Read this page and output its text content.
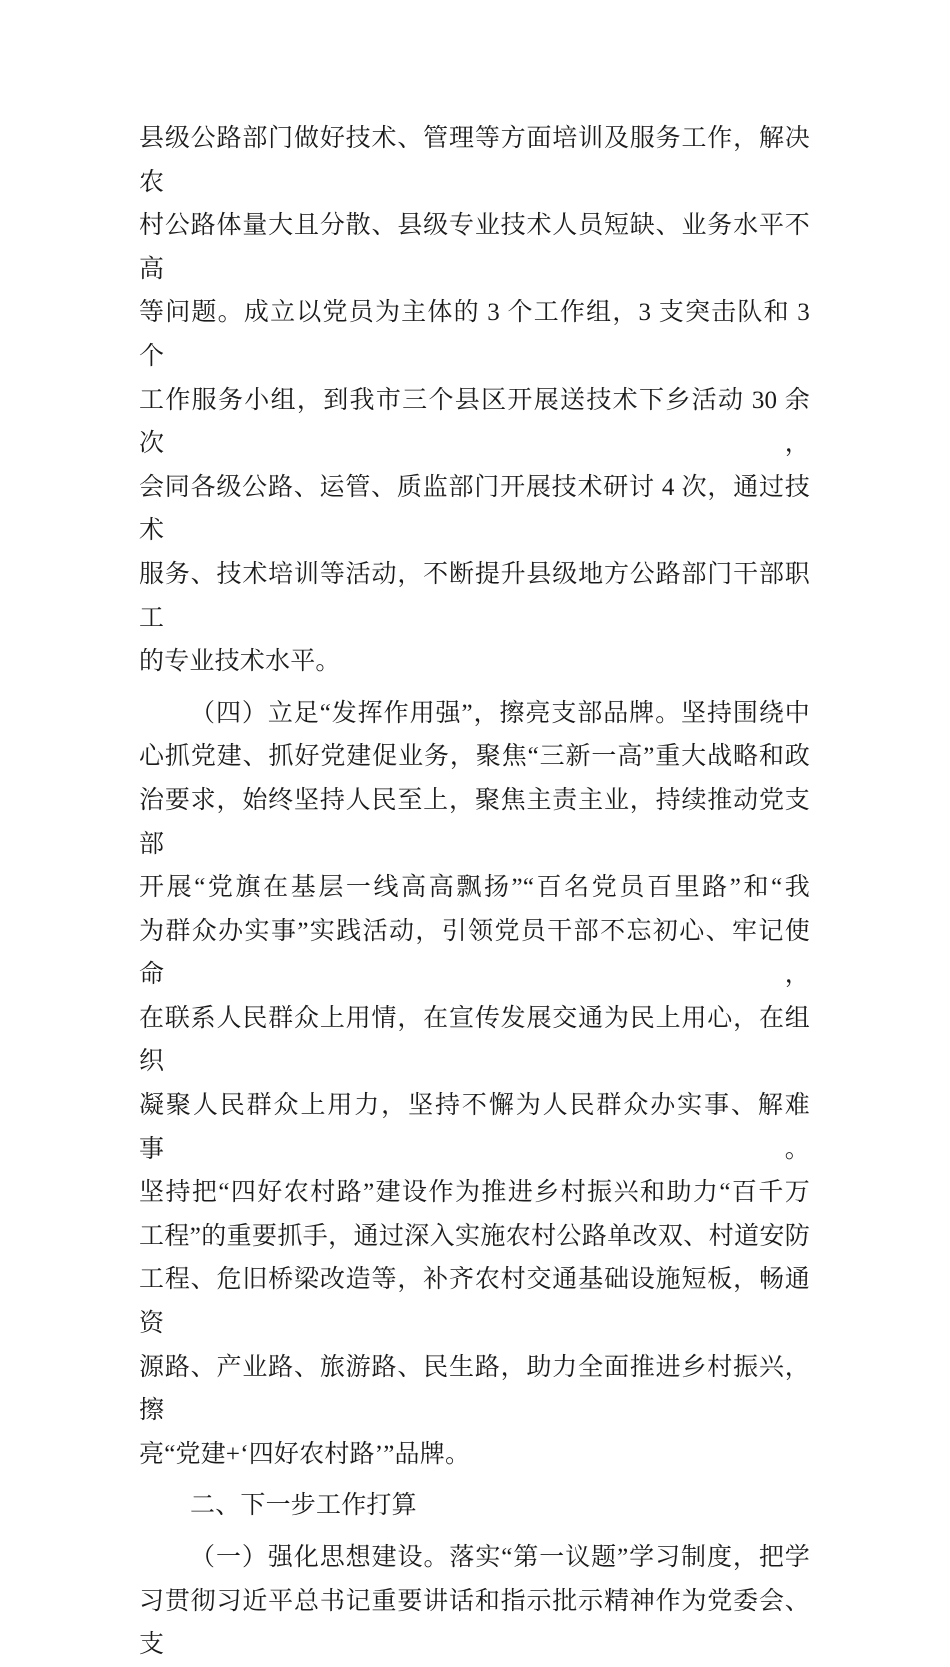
县级公路部门做好技术、管理等方面培训及服务工作，解决农
村公路体量大且分散、县级专业技术人员短缺、业务水平不高
等问题。成立以党员为主体的 3 个工作组，3 支突击队和 3 个
工作服务小组，到我市三个县区开展送技术下乡活动 30 余次，
会同各级公路、运管、质监部门开展技术研讨 4 次，通过技术
服务、技术培训等活动，不断提升县级地方公路部门干部职工
的专业技术水平。
（四）立足“发挥作用强”，擦亮支部品牌。坚持围绕中
心抓党建、抓好党建促业务，聚焦“三新一高”重大战略和政
治要求，始终坚持人民至上，聚焦主责主业，持续推动党支部
开展“党旗在基层一线高高飘扬”“百名党员百里路”和“我
为群众办实事”实践活动，引领党员干部不忘初心、牢记使命，
在联系人民群众上用情，在宣传发展交通为民上用心，在组织
凝聚人民群众上用力，坚持不懈为人民群众办实事、解难事。
坚持把“四好农村路”建设作为推进乡村振兴和助力“百千万
工程”的重要抓手，通过深入实施农村公路单改双、村道安防
工程、危旧桥梁改造等，补齐农村交通基础设施短板，畅通资
源路、产业路、旅游路、民生路，助力全面推进乡村振兴，擦
亮“党建+‘四好农村路’”品牌。
二、下一步工作打算
（一）强化思想建设。落实“第一议题”学习制度，把学
习贯彻习近平总书记重要讲话和指示批示精神作为党委会、支
